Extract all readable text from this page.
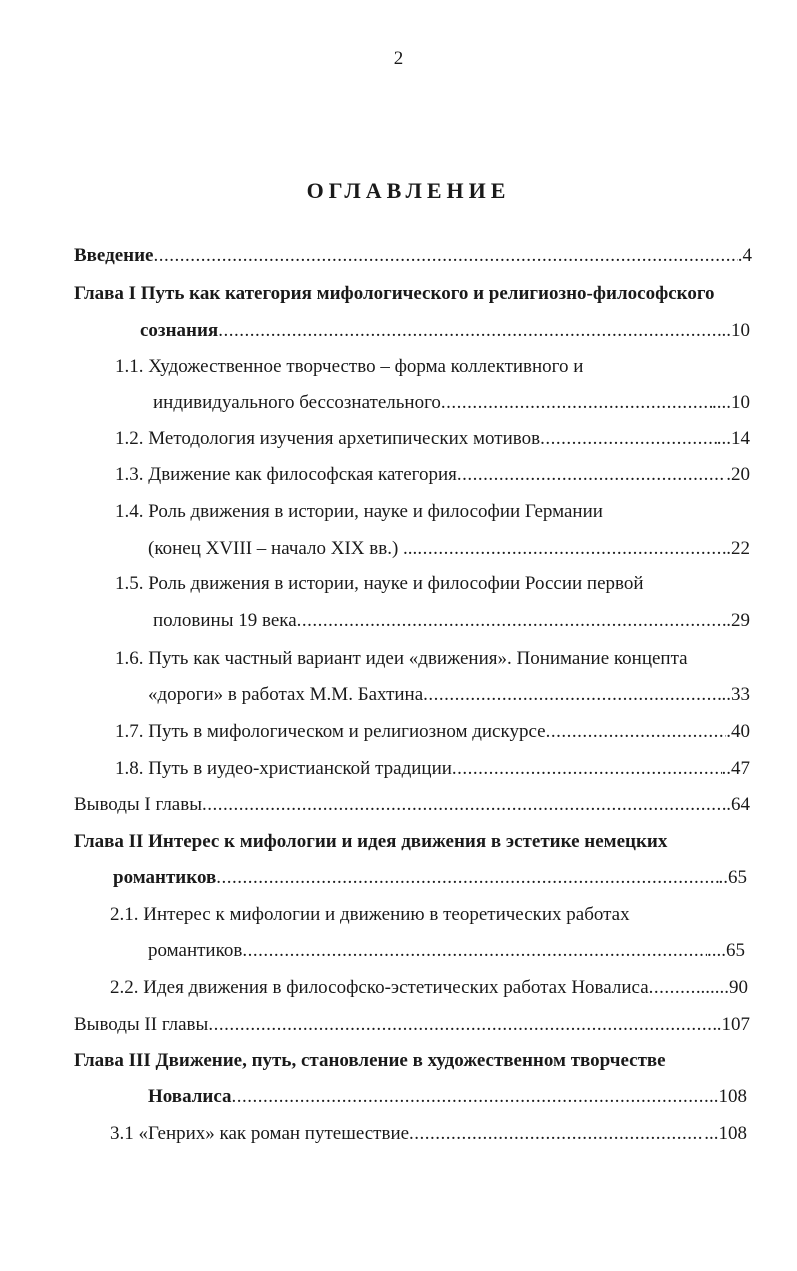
2
ОГЛАВЛЕНИЕ
Введение .....	.4
Глава I Путь как категория мифологического и религиозно-философского
сознания .....	..10
1.1. Художественное творчество – форма коллективного и
индивидуального бессознательного .....	....10
1.2. Методология изучения архетипических мотивов .....	...14
1.3. Движение как философская категория .....	.20
1.4. Роль движения в истории, науке и философии Германии
(конец XVIII – начало XIX вв.) ... .....	.22
1.5. Роль движения в истории, науке и философии России первой
половины 19 века .....	.29
1.6. Путь как частный вариант идеи «движения». Понимание концепта
«дороги» в работах М.М. Бахтина .....	..33
1.7. Путь в мифологическом и религиозном дискурсе .....	.40
1.8. Путь в иудео-христианской традиции .....	..47
Выводы I главы .....	.64
Глава II Интерес к мифологии и идея движения в эстетике немецких
романтиков .....	..65
2.1. Интерес к мифологии и движению в теоретических работах
романтиков .....	....65
2.2. Идея движения в философско-эстетических работах Новалиса .....	......90
Выводы II главы .....	.107
Глава III Движение, путь, становление в художественном творчестве
Новалиса .....	..108
3.1 «Генрих» как роман путешествие .....	...108
